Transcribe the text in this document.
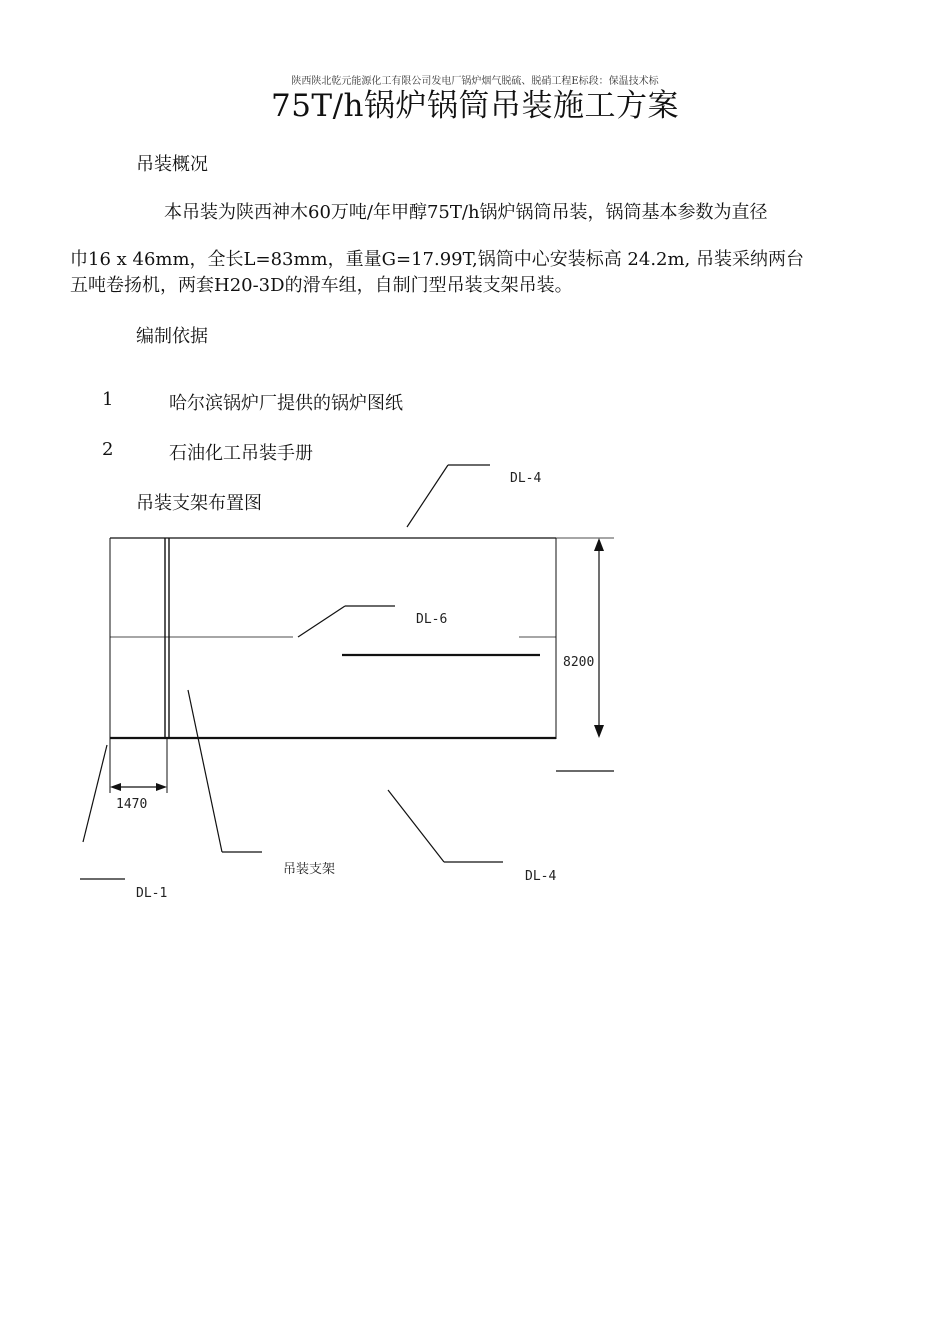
陕西陕北乾元能源化工有限公司发电厂锅炉烟气脱硫、脱硝工程E标段：保温技术标
75T/h锅炉锅筒吊装施工方案
吊装概况
本吊装为陕西神木60万吨/年甲醇75T/h锅炉锅筒吊装，锅筒基本参数为直径
巾16 x 46mm，全长L=83mm，重量G=17.99T,锅筒中心安装标高 24.2m, 吊装采纳两台
五吨卷扬机，两套H20-3D的滑车组，自制门型吊装支架吊装。
编制依据
1	哈尔滨锅炉厂提供的锅炉图纸
2	石油化工吊装手册
吊装支架布置图
DL-4
DL-6
8200
1470
吊装支架	DL-4
DL-1
